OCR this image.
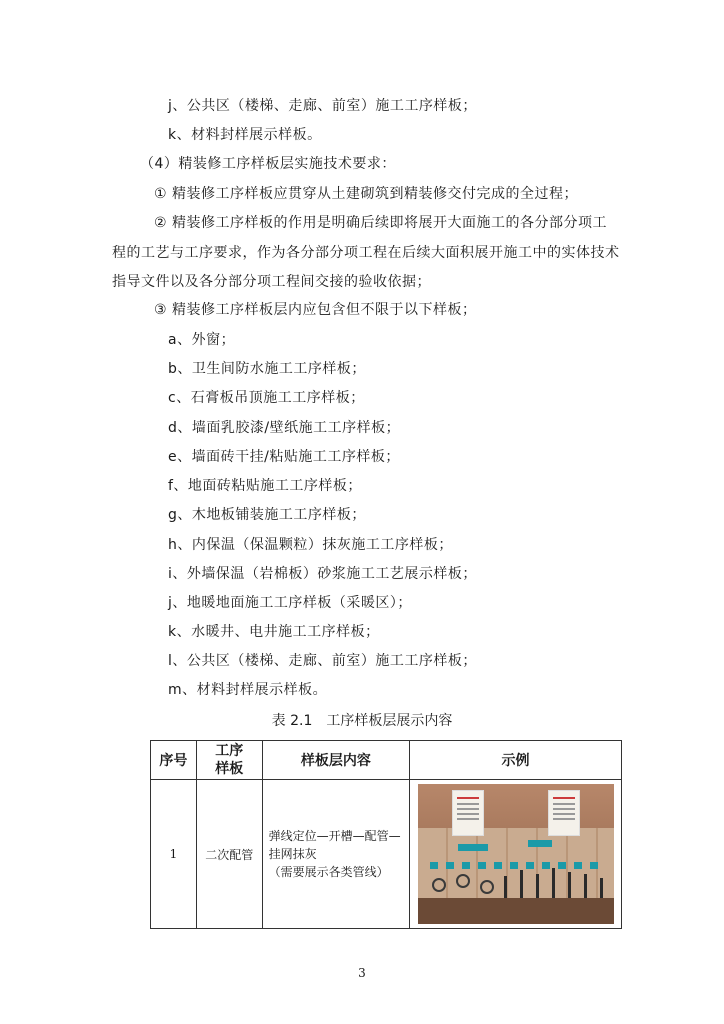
j、公共区（楼梯、走廊、前室）施工工序样板；
k、材料封样展示样板。
（4）精装修工序样板层实施技术要求：
① 精装修工序样板应贯穿从土建砌筑到精装修交付完成的全过程；
② 精装修工序样板的作用是明确后续即将展开大面施工的各分部分项工
程的工艺与工序要求，作为各分部分项工程在后续大面积展开施工中的实体技术
指导文件以及各分部分项工程间交接的验收依据；
③ 精装修工序样板层内应包含但不限于以下样板；
a、外窗；
b、卫生间防水施工工序样板；
c、石膏板吊顶施工工序样板；
d、墙面乳胶漆/壁纸施工工序样板；
e、墙面砖干挂/粘贴施工工序样板；
f、地面砖粘贴施工工序样板；
g、木地板铺装施工工序样板；
h、内保温（保温颗粒）抹灰施工工序样板；
i、外墙保温（岩棉板）砂浆施工工艺展示样板；
j、地暖地面施工工序样板（采暖区）；
k、水暖井、电井施工工序样板；
l、公共区（楼梯、走廊、前室）施工工序样板；
m、材料封样展示样板。
表 2.1　工序样板层展示内容
序号	工序样板	样板层内容	示例
1	二次配管	弹线定位—开槽—配管—
挂网抹灰
（需要展示各类管线）	

3
